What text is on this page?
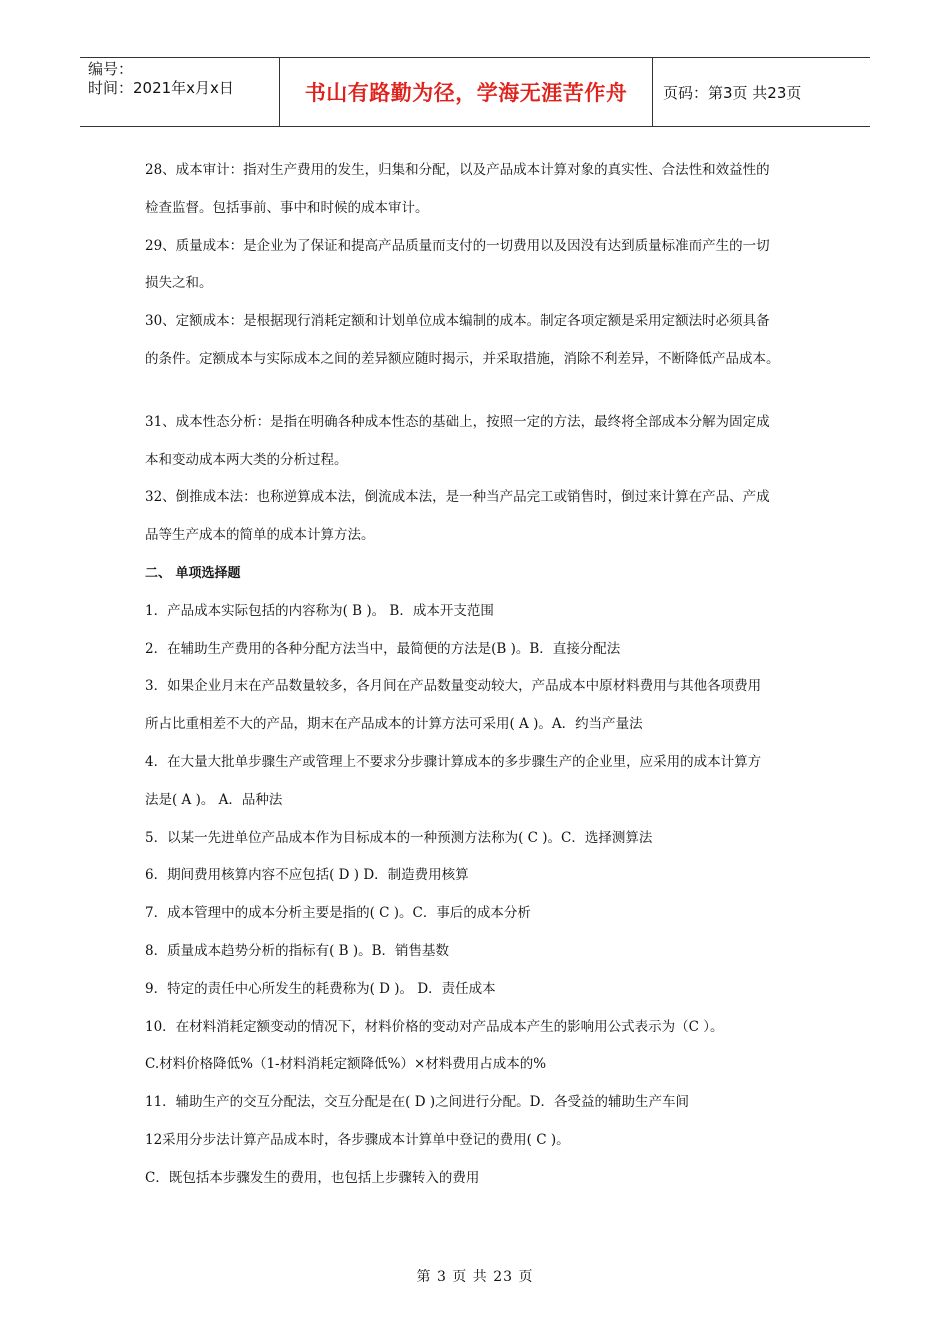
编号：
时间：2021年x月x日	书山有路勤为径，学海无涯苦作舟	页码：第3页 共23页

28、成本审计：指对生产费用的发生，归集和分配，以及产品成本计算对象的真实性、合法性和效益性的

检查监督。包括事前、事中和时候的成本审计。

29、质量成本：是企业为了保证和提高产品质量而支付的一切费用以及因没有达到质量标准而产生的一切

损失之和。

30、定额成本：是根据现行消耗定额和计划单位成本编制的成本。制定各项定额是采用定额法时必须具备

的条件。定额成本与实际成本之间的差异额应随时揭示，并采取措施，消除不利差异，不断降低产品成本。

31、成本性态分析：是指在明确各种成本性态的基础上，按照一定的方法，最终将全部成本分解为固定成

本和变动成本两大类的分析过程。

32、倒推成本法：也称逆算成本法，倒流成本法，是一种当产品完工或销售时，倒过来计算在产品、产成

品等生产成本的简单的成本计算方法。

二、 单项选择题

1．产品成本实际包括的内容称为( B )。 B．成本开支范围

2．在辅助生产费用的各种分配方法当中，最简便的方法是(B )。B．直接分配法

3．如果企业月末在产品数量较多，各月间在产品数量变动较大，产品成本中原材料费用与其他各项费用

所占比重相差不大的产品，期末在产品成本的计算方法可采用( A )。A．约当产量法

4．在大量大批单步骤生产或管理上不要求分步骤计算成本的多步骤生产的企业里，应采用的成本计算方

法是( A )。 A．品种法

5．以某一先进单位产品成本作为目标成本的一种预测方法称为( C )。C．选择测算法

6．期间费用核算内容不应包括( D ) D．制造费用核算

7．成本管理中的成本分析主要是指的( C )。C．事后的成本分析

8．质量成本趋势分析的指标有( B )。B．销售基数

9．特定的责任中心所发生的耗费称为( D )。 D．责任成本

10．在材料消耗定额变动的情况下，材料价格的变动对产品成本产生的影响用公式表示为（C ）。

C.材料价格降低%（1-材料消耗定额降低%）×材料费用占成本的%

11．辅助生产的交互分配法，交互分配是在( D )之间进行分配。D．各受益的辅助生产车间

12采用分步法计算产品成本时，各步骤成本计算单中登记的费用( C )。

C．既包括本步骤发生的费用，也包括上步骤转入的费用

第 3 页 共 23 页
